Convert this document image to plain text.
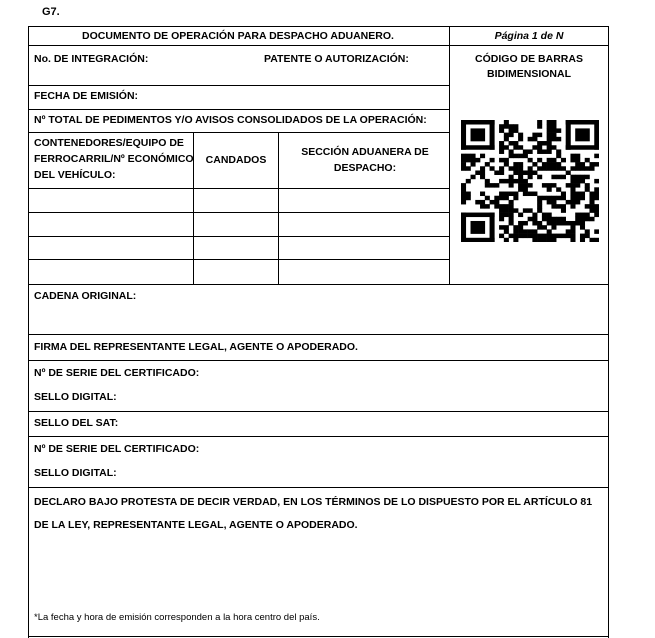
G7.
DOCUMENTO DE OPERACIÓN PARA DESPACHO ADUANERO.	Página 1 de N
CÓDIGO DE BARRAS BIDIMENSIONAL
No. DE INTEGRACIÓN:	PATENTE O AUTORIZACIÓN:
FECHA DE EMISIÓN:
Nº TOTAL DE PEDIMENTOS Y/O AVISOS CONSOLIDADOS DE LA OPERACIÓN:
CONTENEDORES/EQUIPO DE FERROCARRIL/Nº ECONÓMICO DEL VEHÍCULO:
CANDADOS
SECCIÓN ADUANERA DE DESPACHO:
CADENA ORIGINAL:
FIRMA DEL REPRESENTANTE LEGAL, AGENTE O APODERADO.
Nº DE SERIE DEL CERTIFICADO:
SELLO DIGITAL:
SELLO DEL SAT:
Nº DE SERIE DEL CERTIFICADO:
SELLO DIGITAL:
DECLARO BAJO PROTESTA DE DECIR VERDAD, EN LOS TÉRMINOS DE LO DISPUESTO POR EL ARTÍCULO 81 DE LA LEY, REPRESENTANTE LEGAL, AGENTE O APODERADO.
*La fecha y hora de emisión corresponden a la hora centro del país.
